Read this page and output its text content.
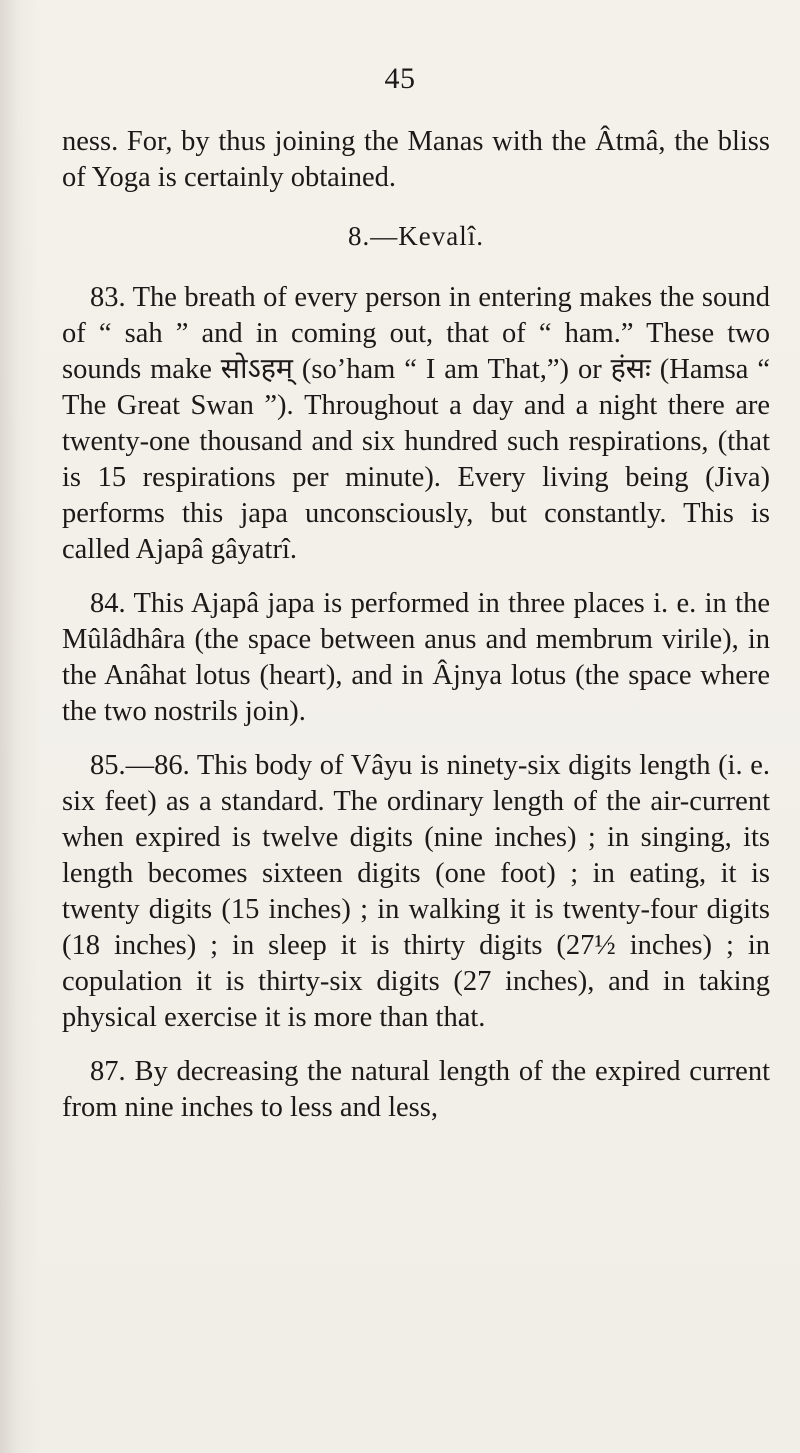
45

ness. For, by thus joining the Manas with the Âtmâ, the bliss of Yoga is certainly obtained.

8.—Kevalî.

83. The breath of every person in entering makes the sound of “ sah ” and in coming out, that of “ ham.” These two sounds make सोऽहम् (so’ham “ I am That,”) or हंसः (Hamsa “ The Great Swan ”). Throughout a day and a night there are twenty-one thousand and six hundred such respirations, (that is 15 respirations per minute). Every living being (Jiva) performs this japa unconsciously, but constantly. This is called Ajapâ gâyatrî.

84. This Ajapâ japa is performed in three places i. e. in the Mûlâdhâra (the space between anus and membrum virile), in the Anâhat lotus (heart), and in Âjnya lotus (the space where the two nostrils join).

85.—86. This body of Vâyu is ninety-six digits length (i. e. six feet) as a standard. The ordinary length of the air-current when expired is twelve digits (nine inches) ; in singing, its length becomes sixteen digits (one foot) ; in eating, it is twenty digits (15 inches) ; in walking it is twenty-four digits (18 inches) ; in sleep it is thirty digits (27½ inches) ; in copulation it is thirty-six digits (27 inches), and in taking physical exercise it is more than that.

87. By decreasing the natural length of the expired current from nine inches to less and less,
